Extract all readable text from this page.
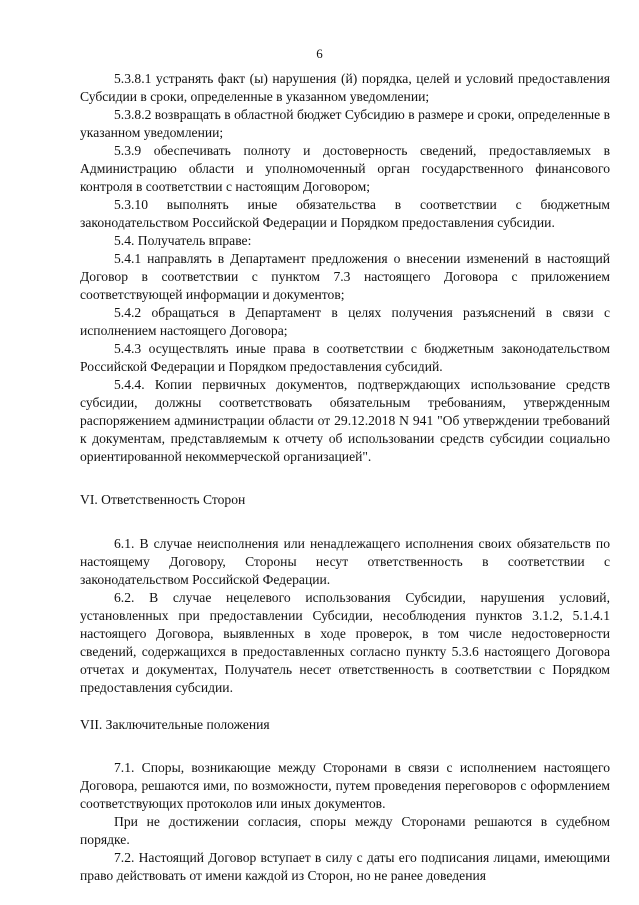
6

5.3.8.1 устранять факт (ы) нарушения (й) порядка, целей и условий предоставления Субсидии в сроки, определенные в указанном уведомлении;

5.3.8.2 возвращать в областной бюджет Субсидию в размере и сроки, определенные в указанном уведомлении;

5.3.9 обеспечивать полноту и достоверность сведений, предоставляемых в Администрацию области и уполномоченный орган государственного финансового контроля в соответствии с настоящим Договором;

5.3.10 выполнять иные обязательства в соответствии с бюджетным законодательством Российской Федерации и Порядком предоставления субсидии.

5.4. Получатель вправе:

5.4.1 направлять в Департамент предложения о внесении изменений в настоящий Договор в соответствии с пунктом 7.3 настоящего Договора с приложением соответствующей информации и документов;

5.4.2 обращаться в Департамент в целях получения разъяснений в связи с исполнением настоящего Договора;

5.4.3 осуществлять иные права в соответствии с бюджетным законодательством Российской Федерации и Порядком предоставления субсидий.

5.4.4. Копии первичных документов, подтверждающих использование средств субсидии, должны соответствовать обязательным требованиям, утвержденным распоряжением администрации области от 29.12.2018 N 941 "Об утверждении требований к документам, представляемым к отчету об использовании средств субсидии социально ориентированной некоммерческой организацией".

VI. Ответственность Сторон

6.1. В случае неисполнения или ненадлежащего исполнения своих обязательств по настоящему Договору, Стороны несут ответственность в соответствии с законодательством Российской Федерации.

6.2. В случае нецелевого использования Субсидии, нарушения условий, установленных при предоставлении Субсидии, несоблюдения пунктов 3.1.2, 5.1.4.1 настоящего Договора, выявленных в ходе проверок, в том числе недостоверности сведений, содержащихся в предоставленных согласно пункту 5.3.6 настоящего Договора отчетах и документах, Получатель несет ответственность в соответствии с Порядком предоставления субсидии.

VII. Заключительные положения

7.1. Споры, возникающие между Сторонами в связи с исполнением настоящего Договора, решаются ими, по возможности, путем проведения переговоров с оформлением соответствующих протоколов или иных документов.

При не достижении согласия, споры между Сторонами решаются в судебном порядке.

7.2. Настоящий Договор вступает в силу с даты его подписания лицами, имеющими право действовать от имени каждой из Сторон, но не ранее доведения
